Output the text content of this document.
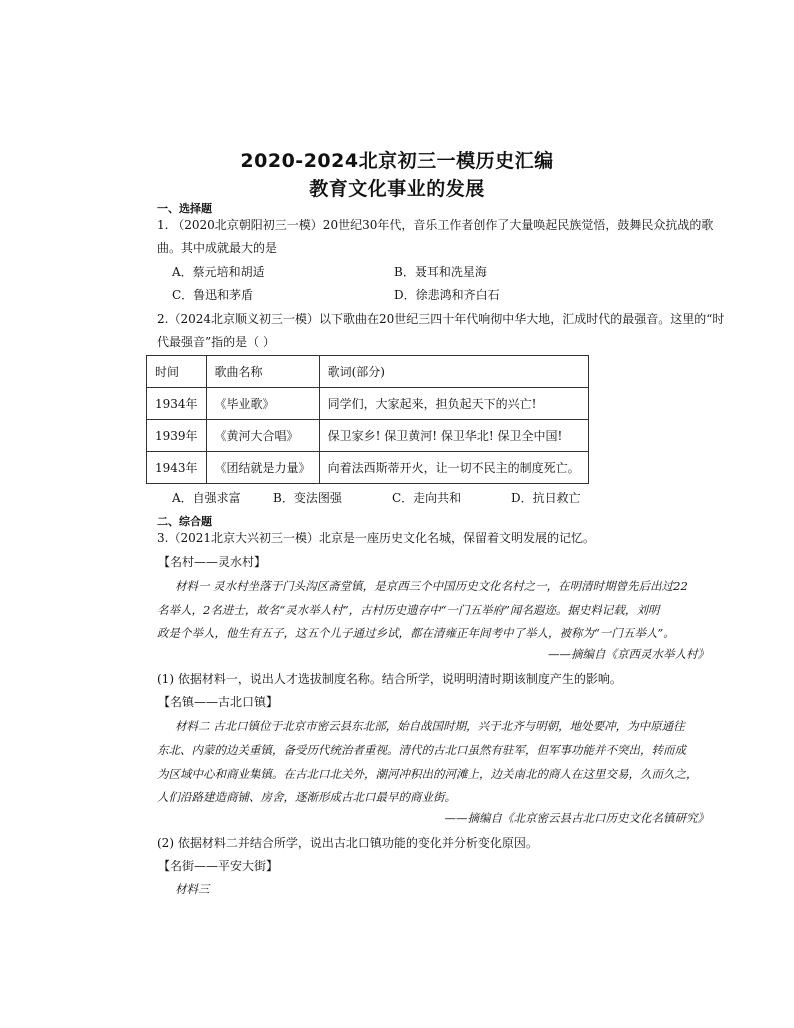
2020-2024北京初三一模历史汇编
教育文化事业的发展
一、选择题
1. （2020北京朝阳初三一模）20世纪30年代，音乐工作者创作了大量唤起民族觉悟，鼓舞民众抗战的歌
曲。其中成就最大的是
A．蔡元培和胡适	B．聂耳和冼星海
C．鲁迅和茅盾	D．徐悲鸿和齐白石
2.（2024北京顺义初三一模）以下歌曲在20世纪三四十年代响彻中华大地，汇成时代的最强音。这里的“时
代最强音”指的是（ ）
时间	歌曲名称	歌词(部分)
1934年	《毕业歌》	同学们，大家起来，担负起天下的兴亡!
1939年	《黄河大合唱》	保卫家乡! 保卫黄河! 保卫华北! 保卫全中国!
1943年	《团结就是力量》	向着法西斯蒂开火，让一切不民主的制度死亡。
A．自强求富	B．变法图强	C．走向共和	D．抗日救亡
二、综合题
3.（2021北京大兴初三一模）北京是一座历史文化名城，保留着文明发展的记忆。
【名村——灵水村】
材料一 灵水村坐落于门头沟区斋堂镇，是京西三个中国历史文化名村之一，在明清时期曾先后出过22
名举人，2名进士，故名“灵水举人村”，古村历史遗存中“一门五举府”闻名遐迩。据史料记载，刘明
政是个举人，他生有五子，这五个儿子通过乡试，都在清雍正年间考中了举人，被称为“一门五举人”。
——摘编自《京西灵水举人村》
(1) 依据材料一，说出人才选拔制度名称。结合所学，说明明清时期该制度产生的影响。
【名镇——古北口镇】
材料二 古北口镇位于北京市密云县东北部，始自战国时期，兴于北齐与明朝，地处要冲，为中原通往
东北、内蒙的边关重镇，备受历代统治者重视。清代的古北口虽然有驻军，但军事功能并不突出，转而成
为区域中心和商业集镇。在古北口北关外，潮河冲积出的河滩上，边关南北的商人在这里交易，久而久之，
人们沿路建造商铺、房舍，逐渐形成古北口最早的商业街。
——摘编自《北京密云县古北口历史文化名镇研究》
(2) 依据材料二并结合所学，说出古北口镇功能的变化并分析变化原因。
【名街——平安大街】
材料三
